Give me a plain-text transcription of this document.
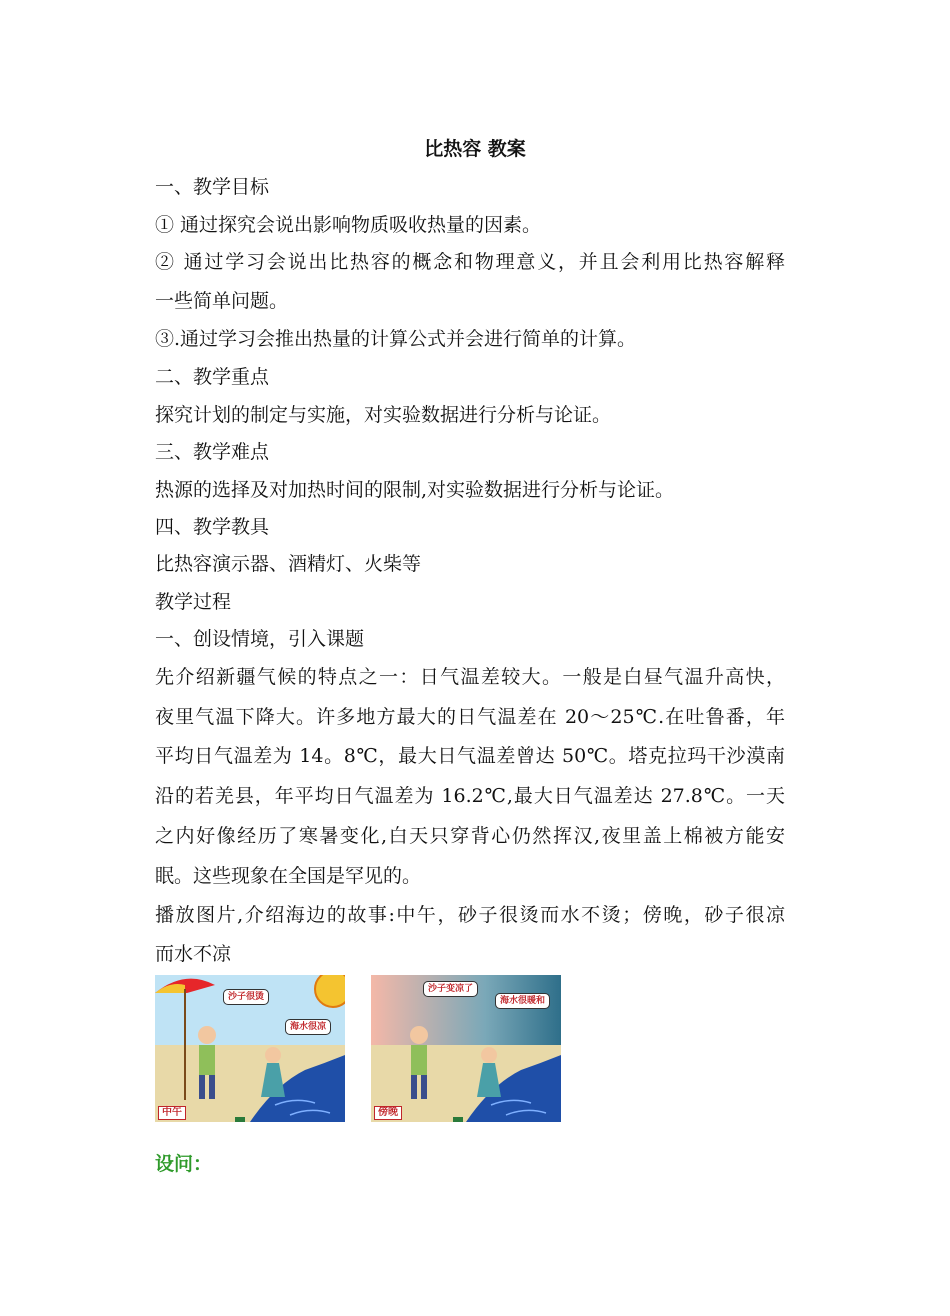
比热容 教案
一、教学目标
① 通过探究会说出影响物质吸收热量的因素。
② 通过学习会说出比热容的概念和物理意义，并且会利用比热容解释
一些简单问题。
③.通过学习会推出热量的计算公式并会进行简单的计算。
二、教学重点
探究计划的制定与实施，对实验数据进行分析与论证。
三、教学难点
热源的选择及对加热时间的限制,对实验数据进行分析与论证。
四、教学教具
比热容演示器、酒精灯、火柴等
教学过程
一、创设情境，引入课题
先介绍新疆气候的特点之一：日气温差较大。一般是白昼气温升高快，
夜里气温下降大。许多地方最大的日气温差在 20～25℃.在吐鲁番，年
平均日气温差为 14。8℃，最大日气温差曾达 50℃。塔克拉玛干沙漠南
沿的若羌县，年平均日气温差为 16.2℃,最大日气温差达 27.8℃。一天
之内好像经历了寒暑变化,白天只穿背心仍然挥汉,夜里盖上棉被方能安
眠。这些现象在全国是罕见的。
播放图片,介绍海边的故事:中午，砂子很烫而水不烫；傍晚，砂子很凉
而水不凉
沙子很烫
海水很凉
中午
沙子变凉了
海水很暖和
傍晚
设问：
